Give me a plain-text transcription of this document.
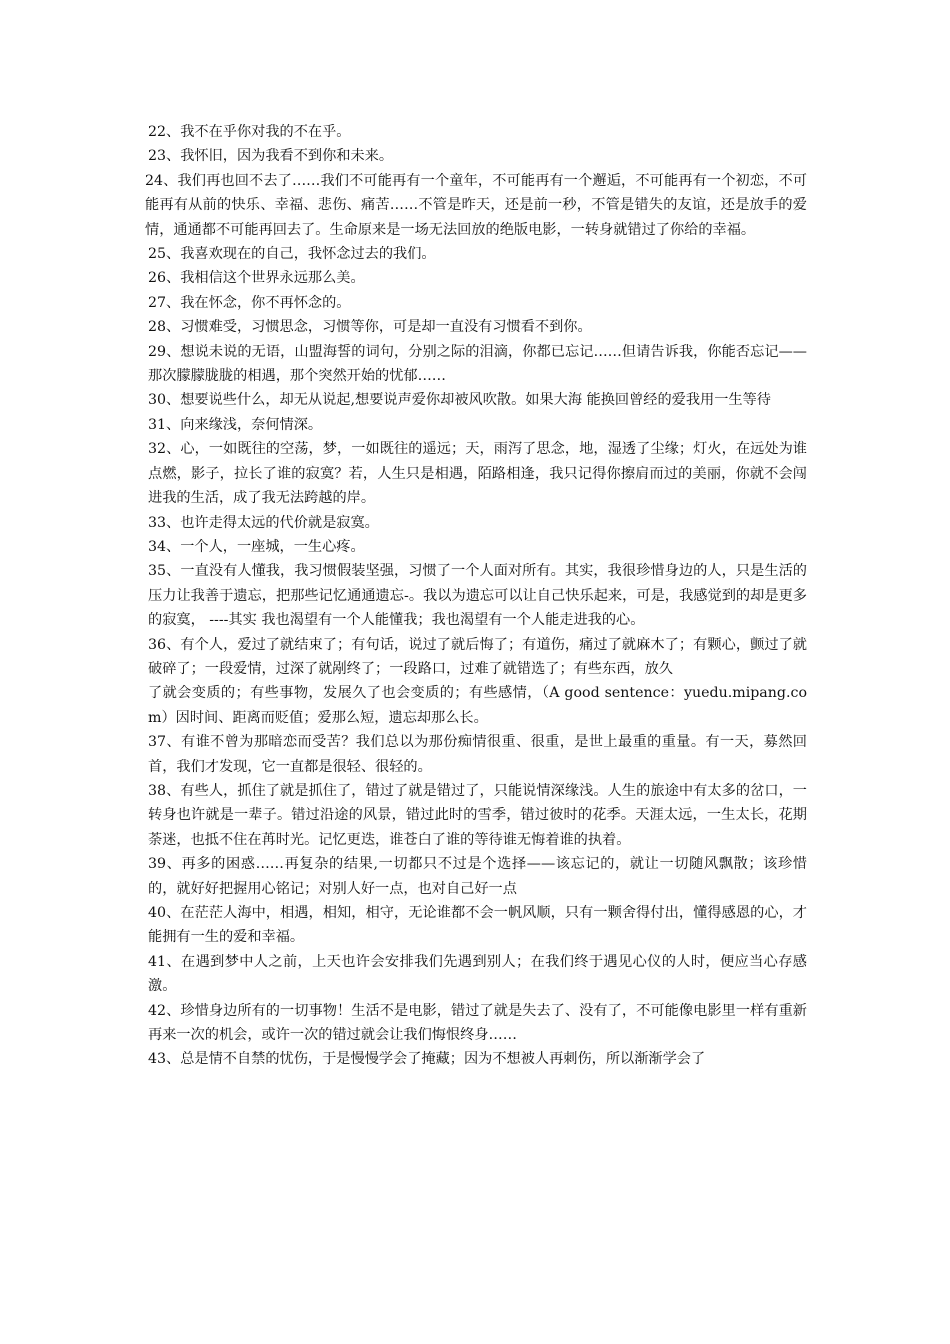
22、我不在乎你对我的不在乎。

23、我怀旧，因为我看不到你和未来。

24、我们再也回不去了……我们不可能再有一个童年，不可能再有一个邂逅，不可能再有一个初恋，不可能再有从前的快乐、幸福、悲伤、痛苦……不管是昨天，还是前一秒，不管是错失的友谊，还是放手的爱情，通通都不可能再回去了。生命原来是一场无法回放的绝版电影，一转身就错过了你给的幸福。

25、我喜欢现在的自己，我怀念过去的我们。

26、我相信这个世界永远那么美。

27、我在怀念，你不再怀念的。

28、习惯难受，习惯思念，习惯等你，可是却一直没有习惯看不到你。

29、想说未说的无语，山盟海誓的词句，分别之际的泪滴，你都已忘记……但请告诉我，你能否忘记——那次朦朦胧胧的相遇，那个突然开始的忧郁……

30、想要说些什么，却无从说起,想要说声爱你却被风吹散。如果大海 能换回曾经的爱我用一生等待

31、向来缘浅，奈何情深。

32、心，一如既往的空荡，梦，一如既往的遥远；天，雨泻了思念，地，湿透了尘缘；灯火，在远处为谁点燃，影子，拉长了谁的寂寞？若，人生只是相遇，陌路相逢，我只记得你擦肩而过的美丽，你就不会闯进我的生活，成了我无法跨越的岸。

33、也许走得太远的代价就是寂寞。

34、一个人，一座城，一生心疼。

35、一直没有人懂我，我习惯假装坚强，习惯了一个人面对所有。其实，我很珍惜身边的人，只是生活的压力让我善于遗忘，把那些记忆通通遗忘-。我以为遗忘可以让自己快乐起来，可是，我感觉到的却是更多的寂寞， ----其实 我也渴望有一个人能懂我；我也渴望有一个人能走进我的心。

36、有个人，爱过了就结束了；有句话，说过了就后悔了；有道伤，痛过了就麻木了；有颗心，颤过了就破碎了；一段爱情，过深了就剐终了；一段路口，过难了就错选了；有些东西，放久

了就会变质的；有些事物，发展久了也会变质的；有些感情，（A good sentence：yuedu.mipang.com）因时间、距离而贬值；爱那么短，遗忘却那么长。

37、有谁不曾为那暗恋而受苦？我们总以为那份痴情很重、很重，是世上最重的重量。有一天，募然回首，我们才发现，它一直都是很轻、很轻的。

38、有些人，抓住了就是抓住了，错过了就是错过了，只能说情深缘浅。人生的旅途中有太多的岔口，一转身也许就是一辈子。错过沿途的风景，错过此时的雪季，错过彼时的花季。天涯太远，一生太长，花期荼迷，也抵不住在苒时光。记忆更迭，谁苍白了谁的等待谁无悔着谁的执着。

39、再多的困惑……再复杂的结果,一切都只不过是个选择——该忘记的，就让一切随风飘散；该珍惜的，就好好把握用心铭记；对别人好一点，也对自己好一点

40、在茫茫人海中，相遇，相知，相守，无论谁都不会一帆风顺，只有一颗舍得付出，懂得感恩的心，才能拥有一生的爱和幸福。

41、在遇到梦中人之前，上天也许会安排我们先遇到别人；在我们终于遇见心仪的人时，便应当心存感激。

42、珍惜身边所有的一切事物！生活不是电影，错过了就是失去了、没有了，不可能像电影里一样有重新再来一次的机会，或许一次的错过就会让我们悔恨终身……

43、总是情不自禁的忧伤，于是慢慢学会了掩藏；因为不想被人再刺伤，所以渐渐学会了
